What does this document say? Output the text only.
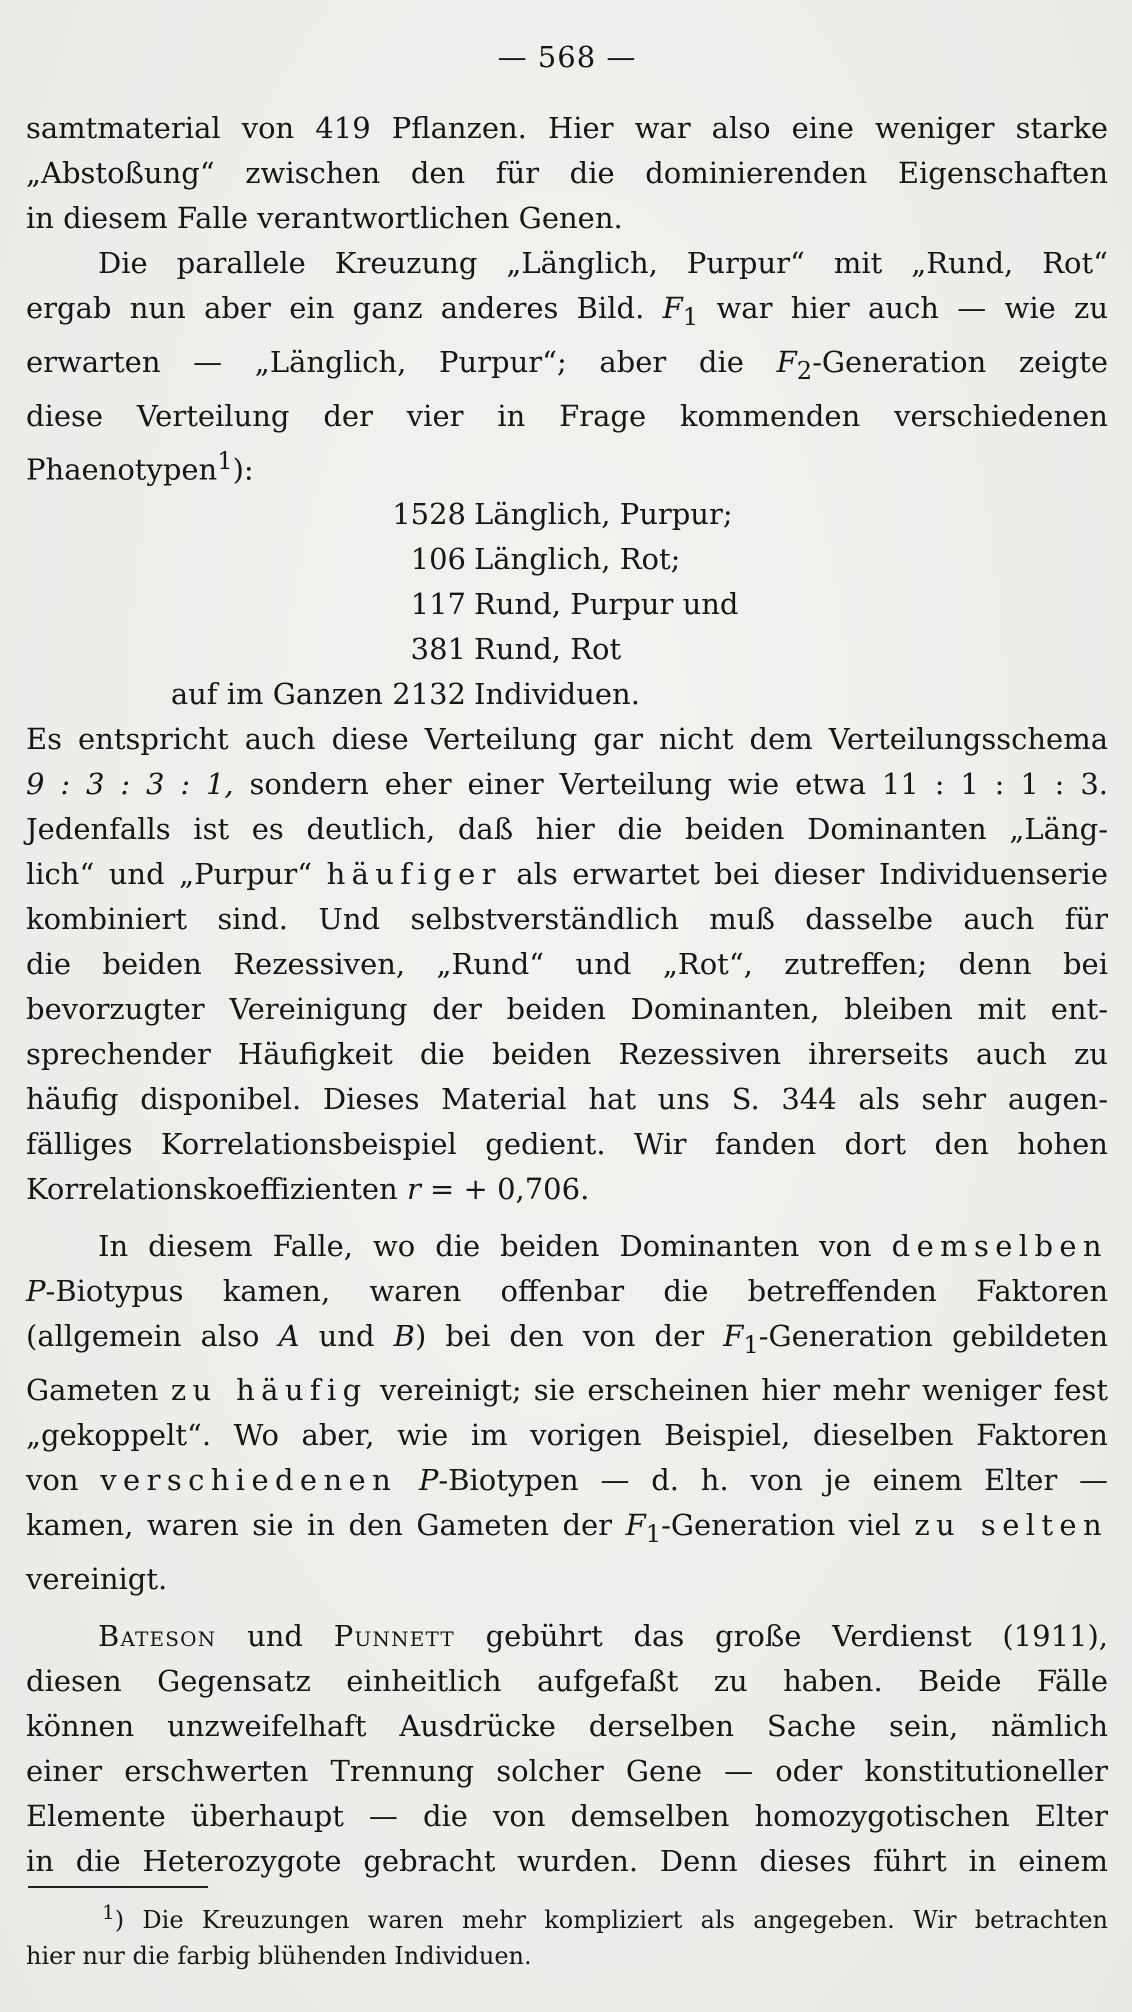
— 568 —
samtmaterial von 419 Pflanzen. Hier war also eine weniger starke
„Abstoßung“ zwischen den für die dominierenden Eigenschaften
in diesem Falle verantwortlichen Genen.
Die parallele Kreuzung „Länglich, Purpur“ mit „Rund, Rot“
ergab nun aber ein ganz anderes Bild. $F_1$ war hier auch — wie zu
erwarten — „Länglich, Purpur“; aber die $F_2$-Generation zeigte
diese Verteilung der vier in Frage kommenden verschiedenen
Phaenotypen$^1$):
1528 Länglich, Purpur;
106 Länglich, Rot;
117 Rund, Purpur und
381 Rund, Rot
auf im Ganzen 2132 Individuen.
Es entspricht auch diese Verteilung gar nicht dem Verteilungsschema
9 : 3 : 3 : 1, sondern eher einer Verteilung wie etwa 11 : 1 : 1 : 3.
Jedenfalls ist es deutlich, daß hier die beiden Dominanten „Läng-
lich“ und „Purpur“ häufiger als erwartet bei dieser Individuenserie
kombiniert sind. Und selbstverständlich muß dasselbe auch für
die beiden Rezessiven, „Rund“ und „Rot“, zutreffen; denn bei
bevorzugter Vereinigung der beiden Dominanten, bleiben mit ent-
sprechender Häufigkeit die beiden Rezessiven ihrerseits auch zu
häufig disponibel. Dieses Material hat uns S. 344 als sehr augen-
fälliges Korrelationsbeispiel gedient. Wir fanden dort den hohen
Korrelationskoeffizienten r = + 0,706.
In diesem Falle, wo die beiden Dominanten von demselben
P-Biotypus kamen, waren offenbar die betreffenden Faktoren
(allgemein also A und B) bei den von der $F_1$-Generation gebildeten
Gameten zu häufig vereinigt; sie erscheinen hier mehr weniger fest
„gekoppelt“. Wo aber, wie im vorigen Beispiel, dieselben Faktoren
von verschiedenen P-Biotypen — d. h. von je einem Elter —
kamen, waren sie in den Gameten der $F_1$-Generation viel zu selten
vereinigt.
Bateson und Punnett gebührt das große Verdienst (1911),
diesen Gegensatz einheitlich aufgefaßt zu haben. Beide Fälle
können unzweifelhaft Ausdrücke derselben Sache sein, nämlich
einer erschwerten Trennung solcher Gene — oder konstitutioneller
Elemente überhaupt — die von demselben homozygotischen Elter
in die Heterozygote gebracht wurden. Denn dieses führt in einem
$^1$) Die Kreuzungen waren mehr kompliziert als angegeben. Wir betrachten
hier nur die farbig blühenden Individuen.
